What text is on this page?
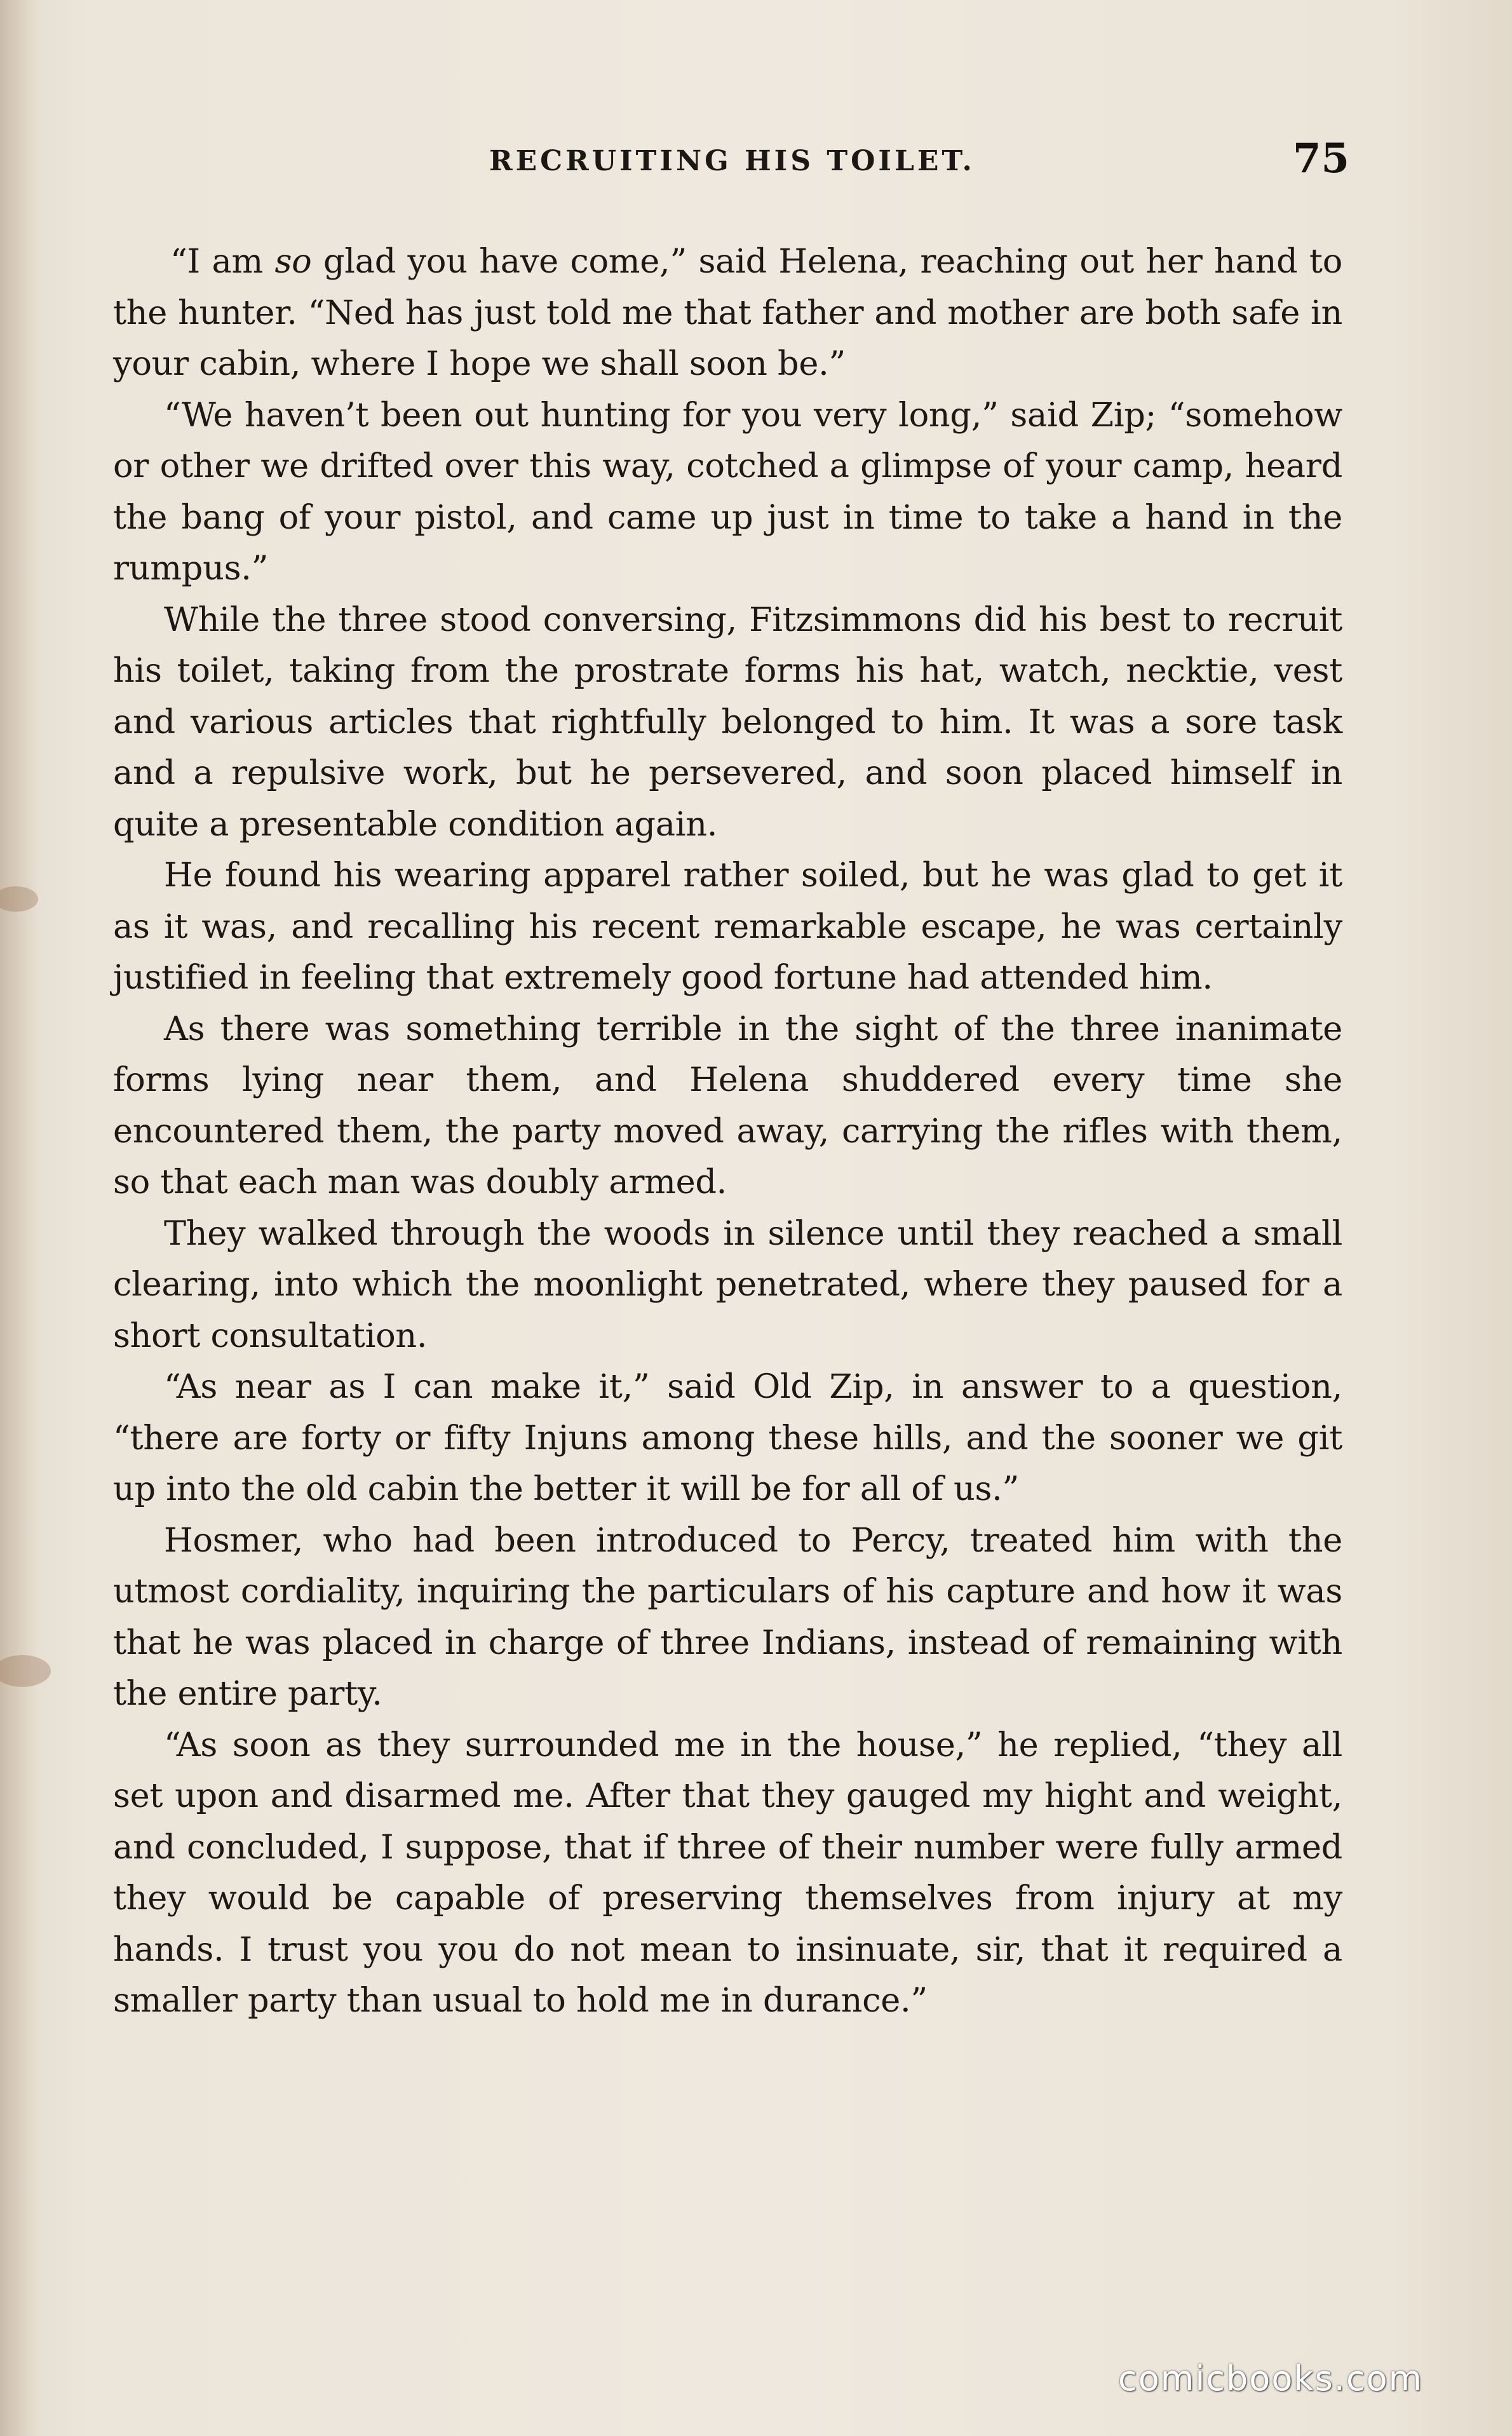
RECRUITING HIS TOILET.	75

“I am so glad you have come,” said Helena, reaching out her hand to the hunter. “Ned has just told me that father and mother are both safe in your cabin, where I hope we shall soon be.”

“We haven’t been out hunting for you very long,” said Zip; “somehow or other we drifted over this way, cotched a glimpse of your camp, heard the bang of your pistol, and came up just in time to take a hand in the rumpus.”

While the three stood conversing, Fitzsimmons did his best to recruit his toilet, taking from the prostrate forms his hat, watch, necktie, vest and various articles that rightfully belonged to him. It was a sore task and a repulsive work, but he persevered, and soon placed himself in quite a presentable condition again.

He found his wearing apparel rather soiled, but he was glad to get it as it was, and recalling his recent remarkable escape, he was certainly justified in feeling that extremely good fortune had attended him.

As there was something terrible in the sight of the three inanimate forms lying near them, and Helena shuddered every time she encountered them, the party moved away, carrying the rifles with them, so that each man was doubly armed.

They walked through the woods in silence until they reached a small clearing, into which the moonlight penetrated, where they paused for a short consultation.

“As near as I can make it,” said Old Zip, in answer to a question, “there are forty or fifty Injuns among these hills, and the sooner we git up into the old cabin the better it will be for all of us.”

Hosmer, who had been introduced to Percy, treated him with the utmost cordiality, inquiring the particulars of his capture and how it was that he was placed in charge of three Indians, instead of remaining with the entire party.

“As soon as they surrounded me in the house,” he replied, “they all set upon and disarmed me. After that they gauged my hight and weight, and concluded, I suppose, that if three of their number were fully armed they would be capable of preserving themselves from injury at my hands. I trust you you do not mean to insinuate, sir, that it required a smaller party than usual to hold me in durance.”

comicbooks.com
